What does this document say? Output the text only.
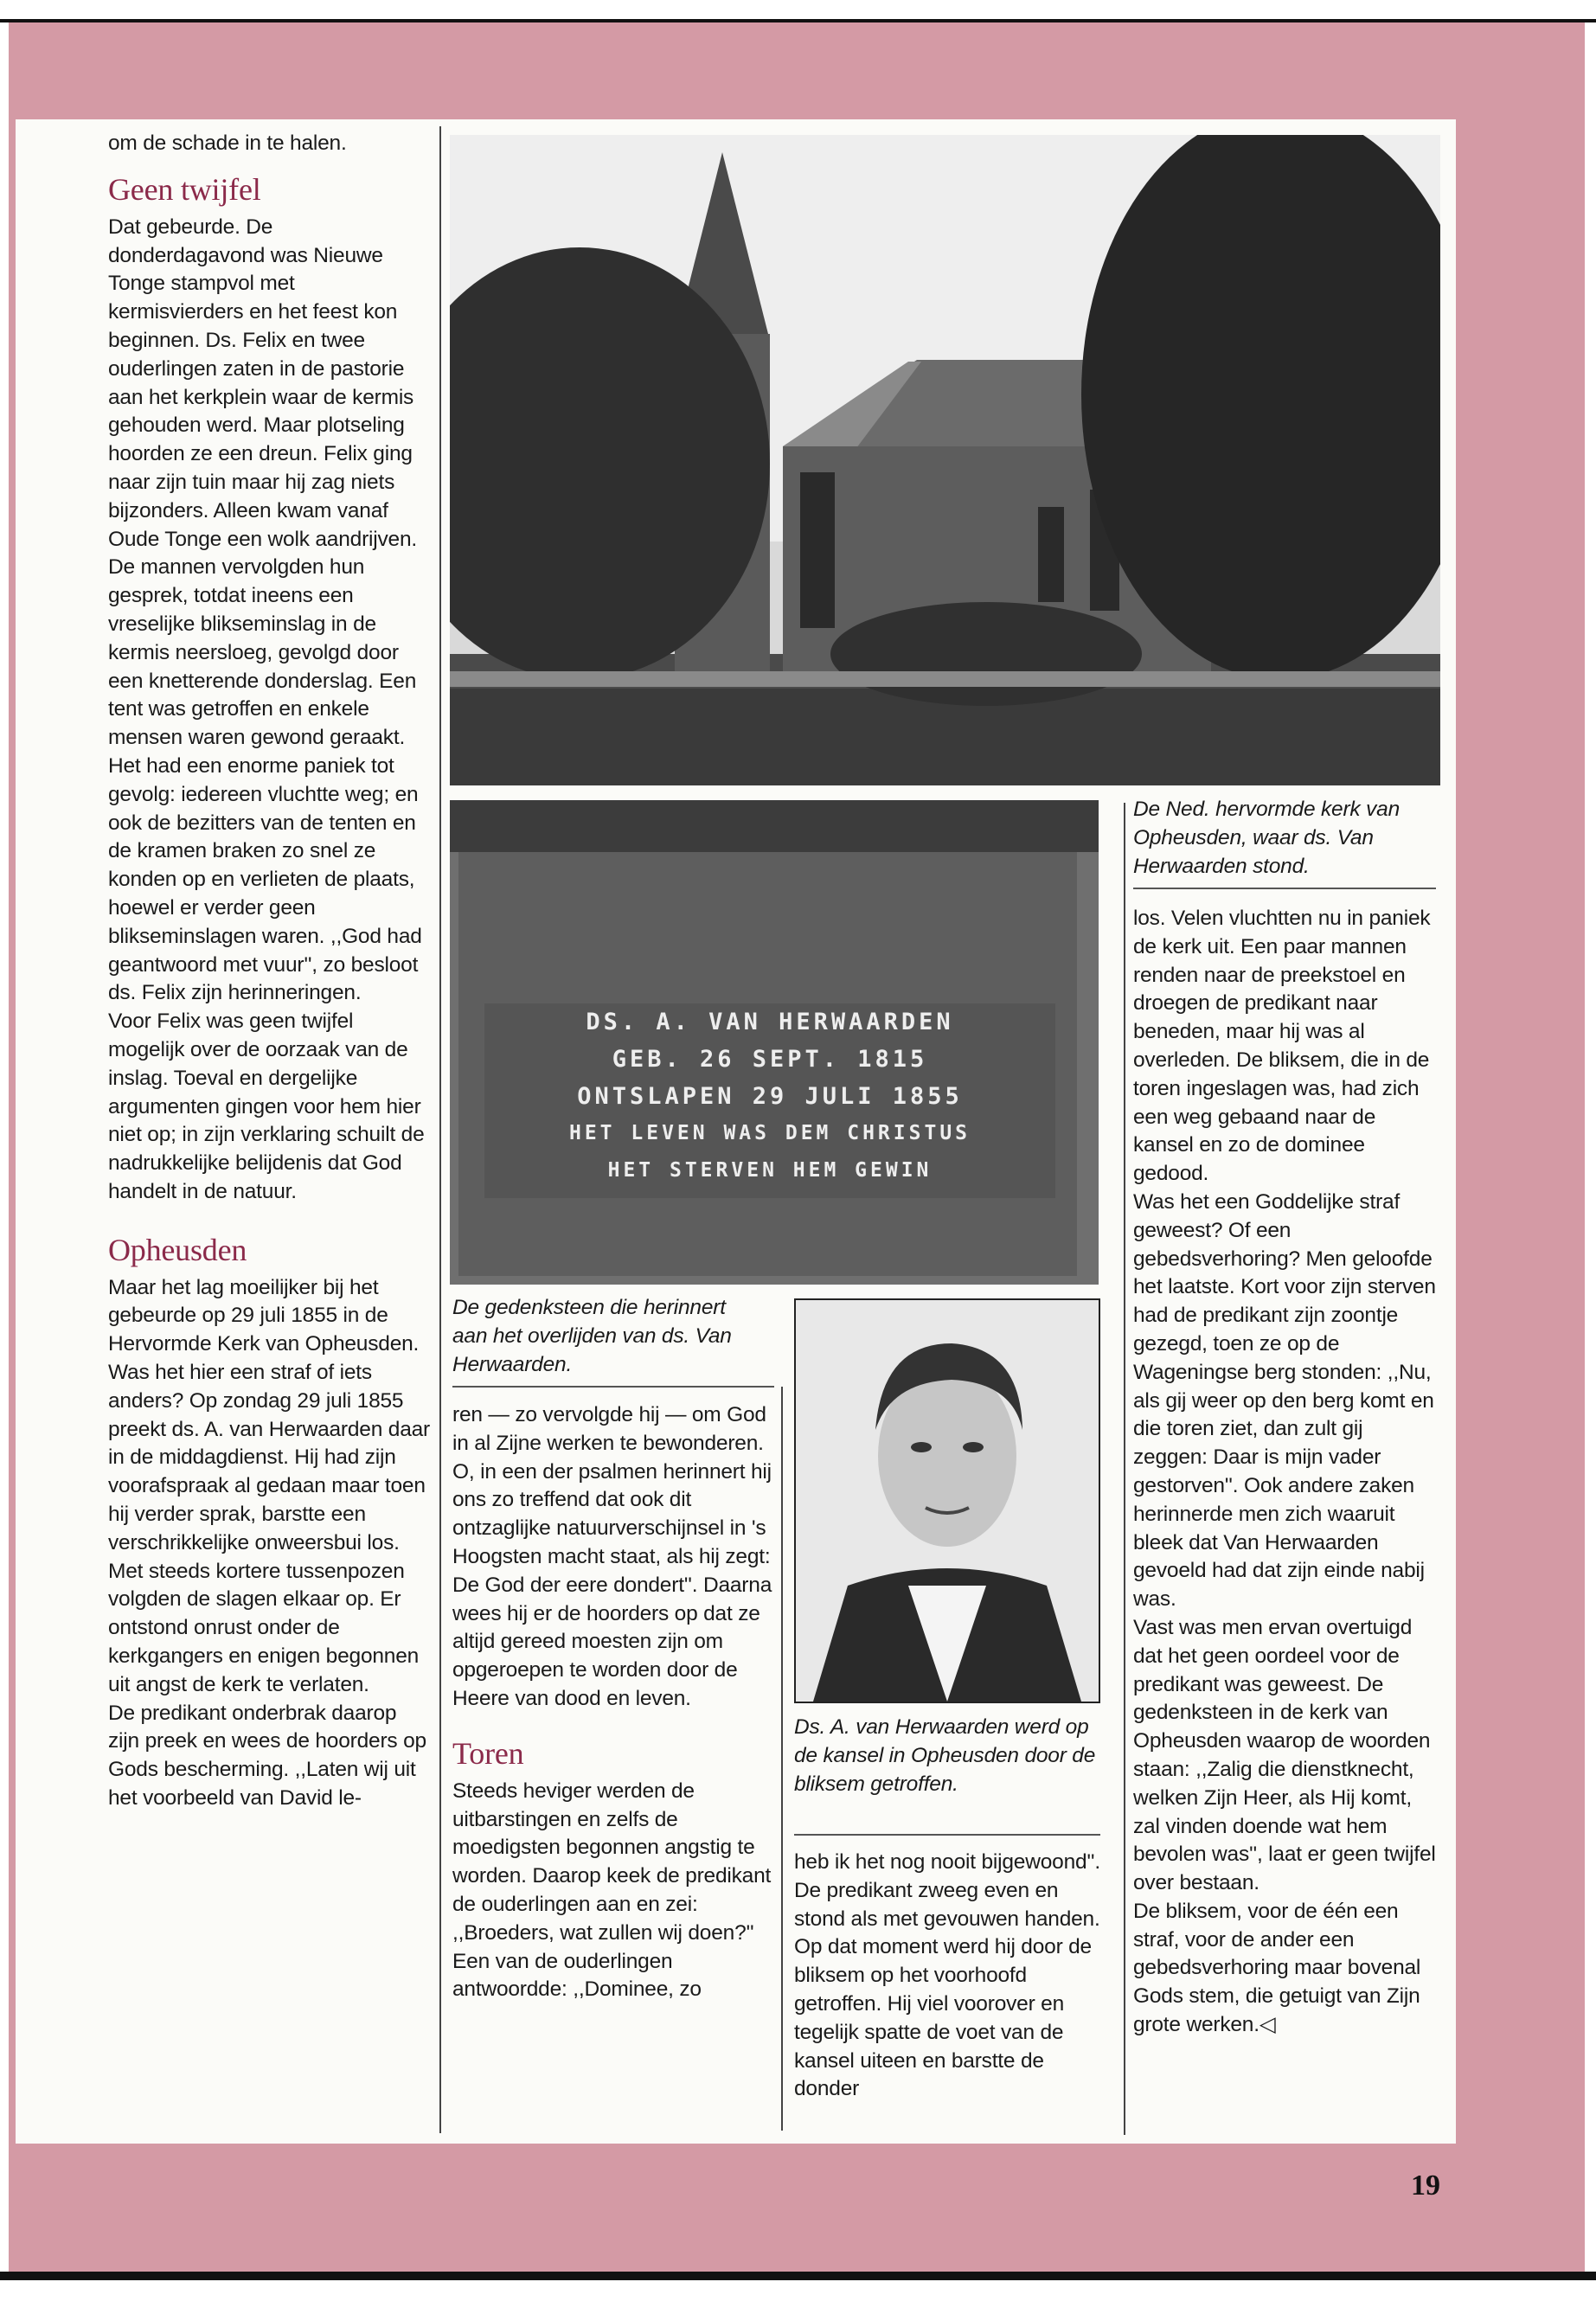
om de schade in te halen.

Geen twijfel

Dat gebeurde. De donderdagavond was Nieuwe Tonge stampvol met kermisvierders en het feest kon beginnen. Ds. Felix en twee ouderlingen zaten in de pastorie aan het kerkplein waar de kermis gehouden werd. Maar plotseling hoorden ze een dreun. Felix ging naar zijn tuin maar hij zag niets bijzonders. Alleen kwam vanaf Oude Tonge een wolk aandrijven. De mannen vervolgden hun gesprek, totdat ineens een vreselijke blikseminslag in de kermis neersloeg, gevolgd door een knetterende donderslag. Een tent was getroffen en enkele mensen waren gewond geraakt.

Het had een enorme paniek tot gevolg: iedereen vluchtte weg; en ook de bezitters van de tenten en de kramen braken zo snel ze konden op en verlieten de plaats, hoewel er verder geen blikseminslagen waren. ,,God had geantwoord met vuur'', zo besloot ds. Felix zijn herinneringen.

Voor Felix was geen twijfel mogelijk over de oorzaak van de inslag. Toeval en dergelijke argumenten gingen voor hem hier niet op; in zijn verklaring schuilt de nadrukkelijke belijdenis dat God handelt in de natuur.

Opheusden

Maar het lag moeilijker bij het gebeurde op 29 juli 1855 in de Hervormde Kerk van Opheusden. Was het hier een straf of iets anders? Op zondag 29 juli 1855 preekt ds. A. van Herwaarden daar in de middagdienst. Hij had zijn voorafspraak al gedaan maar toen hij verder sprak, barstte een verschrikkelijke onweersbui los. Met steeds kortere tussenpozen volgden de slagen elkaar op. Er ontstond onrust onder de kerkgangers en enigen begonnen uit angst de kerk te verlaten.

De predikant onderbrak daarop zijn preek en wees de hoorders op Gods bescherming. ,,Laten wij uit het voorbeeld van David le-

DS. A. VAN HERWAARDEN
GEB. 26 SEPT. 1815
ONTSLAPEN 29 JULI 1855
HET LEVEN WAS DEM CHRISTUS
HET STERVEN HEM GEWIN
De Ned. hervormde kerk van Opheusden, waar ds. Van Herwaarden stond.
De gedenksteen die herinnert aan het overlijden van ds. Van Herwaarden.
Ds. A. van Herwaarden werd op de kansel in Opheusden door de bliksem getroffen.

ren — zo vervolgde hij — om God in al Zijne werken te bewonderen. O, in een der psalmen herinnert hij ons zo treffend dat ook dit ontzaglijke natuurverschijnsel in 's Hoogsten macht staat, als hij zegt: De God der eere dondert''. Daarna wees hij er de hoorders op dat ze altijd gereed moesten zijn om opgeroepen te worden door de Heere van dood en leven.

Toren

Steeds heviger werden de uitbarstingen en zelfs de moedigsten begonnen angstig te worden. Daarop keek de predikant de ouderlingen aan en zei: ,,Broeders, wat zullen wij doen?'' Een van de ouderlingen antwoordde: ,,Dominee, zo

heb ik het nog nooit bijgewoond''.

De predikant zweeg even en stond als met gevouwen handen. Op dat moment werd hij door de bliksem op het voorhoofd getroffen. Hij viel voorover en tegelijk spatte de voet van de kansel uiteen en barstte de donder

los. Velen vluchtten nu in paniek de kerk uit. Een paar mannen renden naar de preekstoel en droegen de predikant naar beneden, maar hij was al overleden. De bliksem, die in de toren ingeslagen was, had zich een weg gebaand naar de kansel en zo de dominee gedood.

Was het een Goddelijke straf geweest? Of een gebedsverhoring? Men geloofde het laatste. Kort voor zijn sterven had de predikant zijn zoontje gezegd, toen ze op de Wageningse berg stonden: ,,Nu, als gij weer op den berg komt en die toren ziet, dan zult gij zeggen: Daar is mijn vader gestorven''. Ook andere zaken herinnerde men zich waaruit bleek dat Van Herwaarden gevoeld had dat zijn einde nabij was.

Vast was men ervan overtuigd dat het geen oordeel voor de predikant was geweest. De gedenksteen in de kerk van Opheusden waarop de woorden staan: ,,Zalig die dienstknecht, welken Zijn Heer, als Hij komt, zal vinden doende wat hem bevolen was'', laat er geen twijfel over bestaan.

De bliksem, voor de één een straf, voor de ander een gebedsverhoring maar bovenal Gods stem, die getuigt van Zijn grote werken.◁

19
